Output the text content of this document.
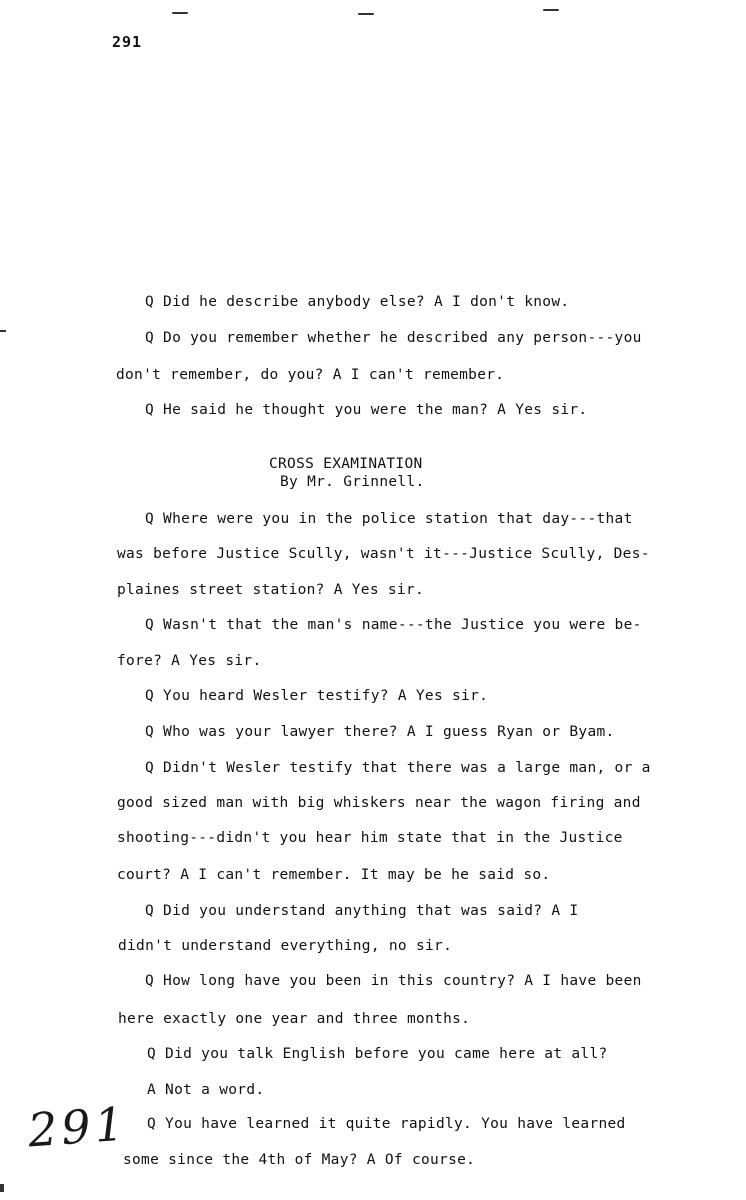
291
Q Did he describe anybody else? A I don't know.
Q Do you remember whether he described any person---you
don't remember, do you? A I can't remember.
Q He said he thought you were the man? A Yes sir.
CROSS EXAMINATION
By Mr. Grinnell.
Q Where were you in the police station that day---that
was before Justice Scully, wasn't it---Justice Scully, Des-
plaines street station? A Yes sir.
Q Wasn't that the man's name---the Justice you were be-
fore? A Yes sir.
Q You heard Wesler testify? A Yes sir.
Q Who was your lawyer there? A I guess Ryan or Byam.
Q Didn't Wesler testify that there was a large man, or a
good sized man with big whiskers near the wagon firing and
shooting---didn't you hear him state that in the Justice
court? A I can't remember. It may be he said so.
Q Did you understand anything that was said? A I
didn't understand everything, no sir.
Q How long have you been in this country? A I have been
here exactly one year and three months.
Q Did you talk English before you came here at all?
A Not a word.
Q You have learned it quite rapidly. You have learned
some since the 4th of May? A Of course.
291
